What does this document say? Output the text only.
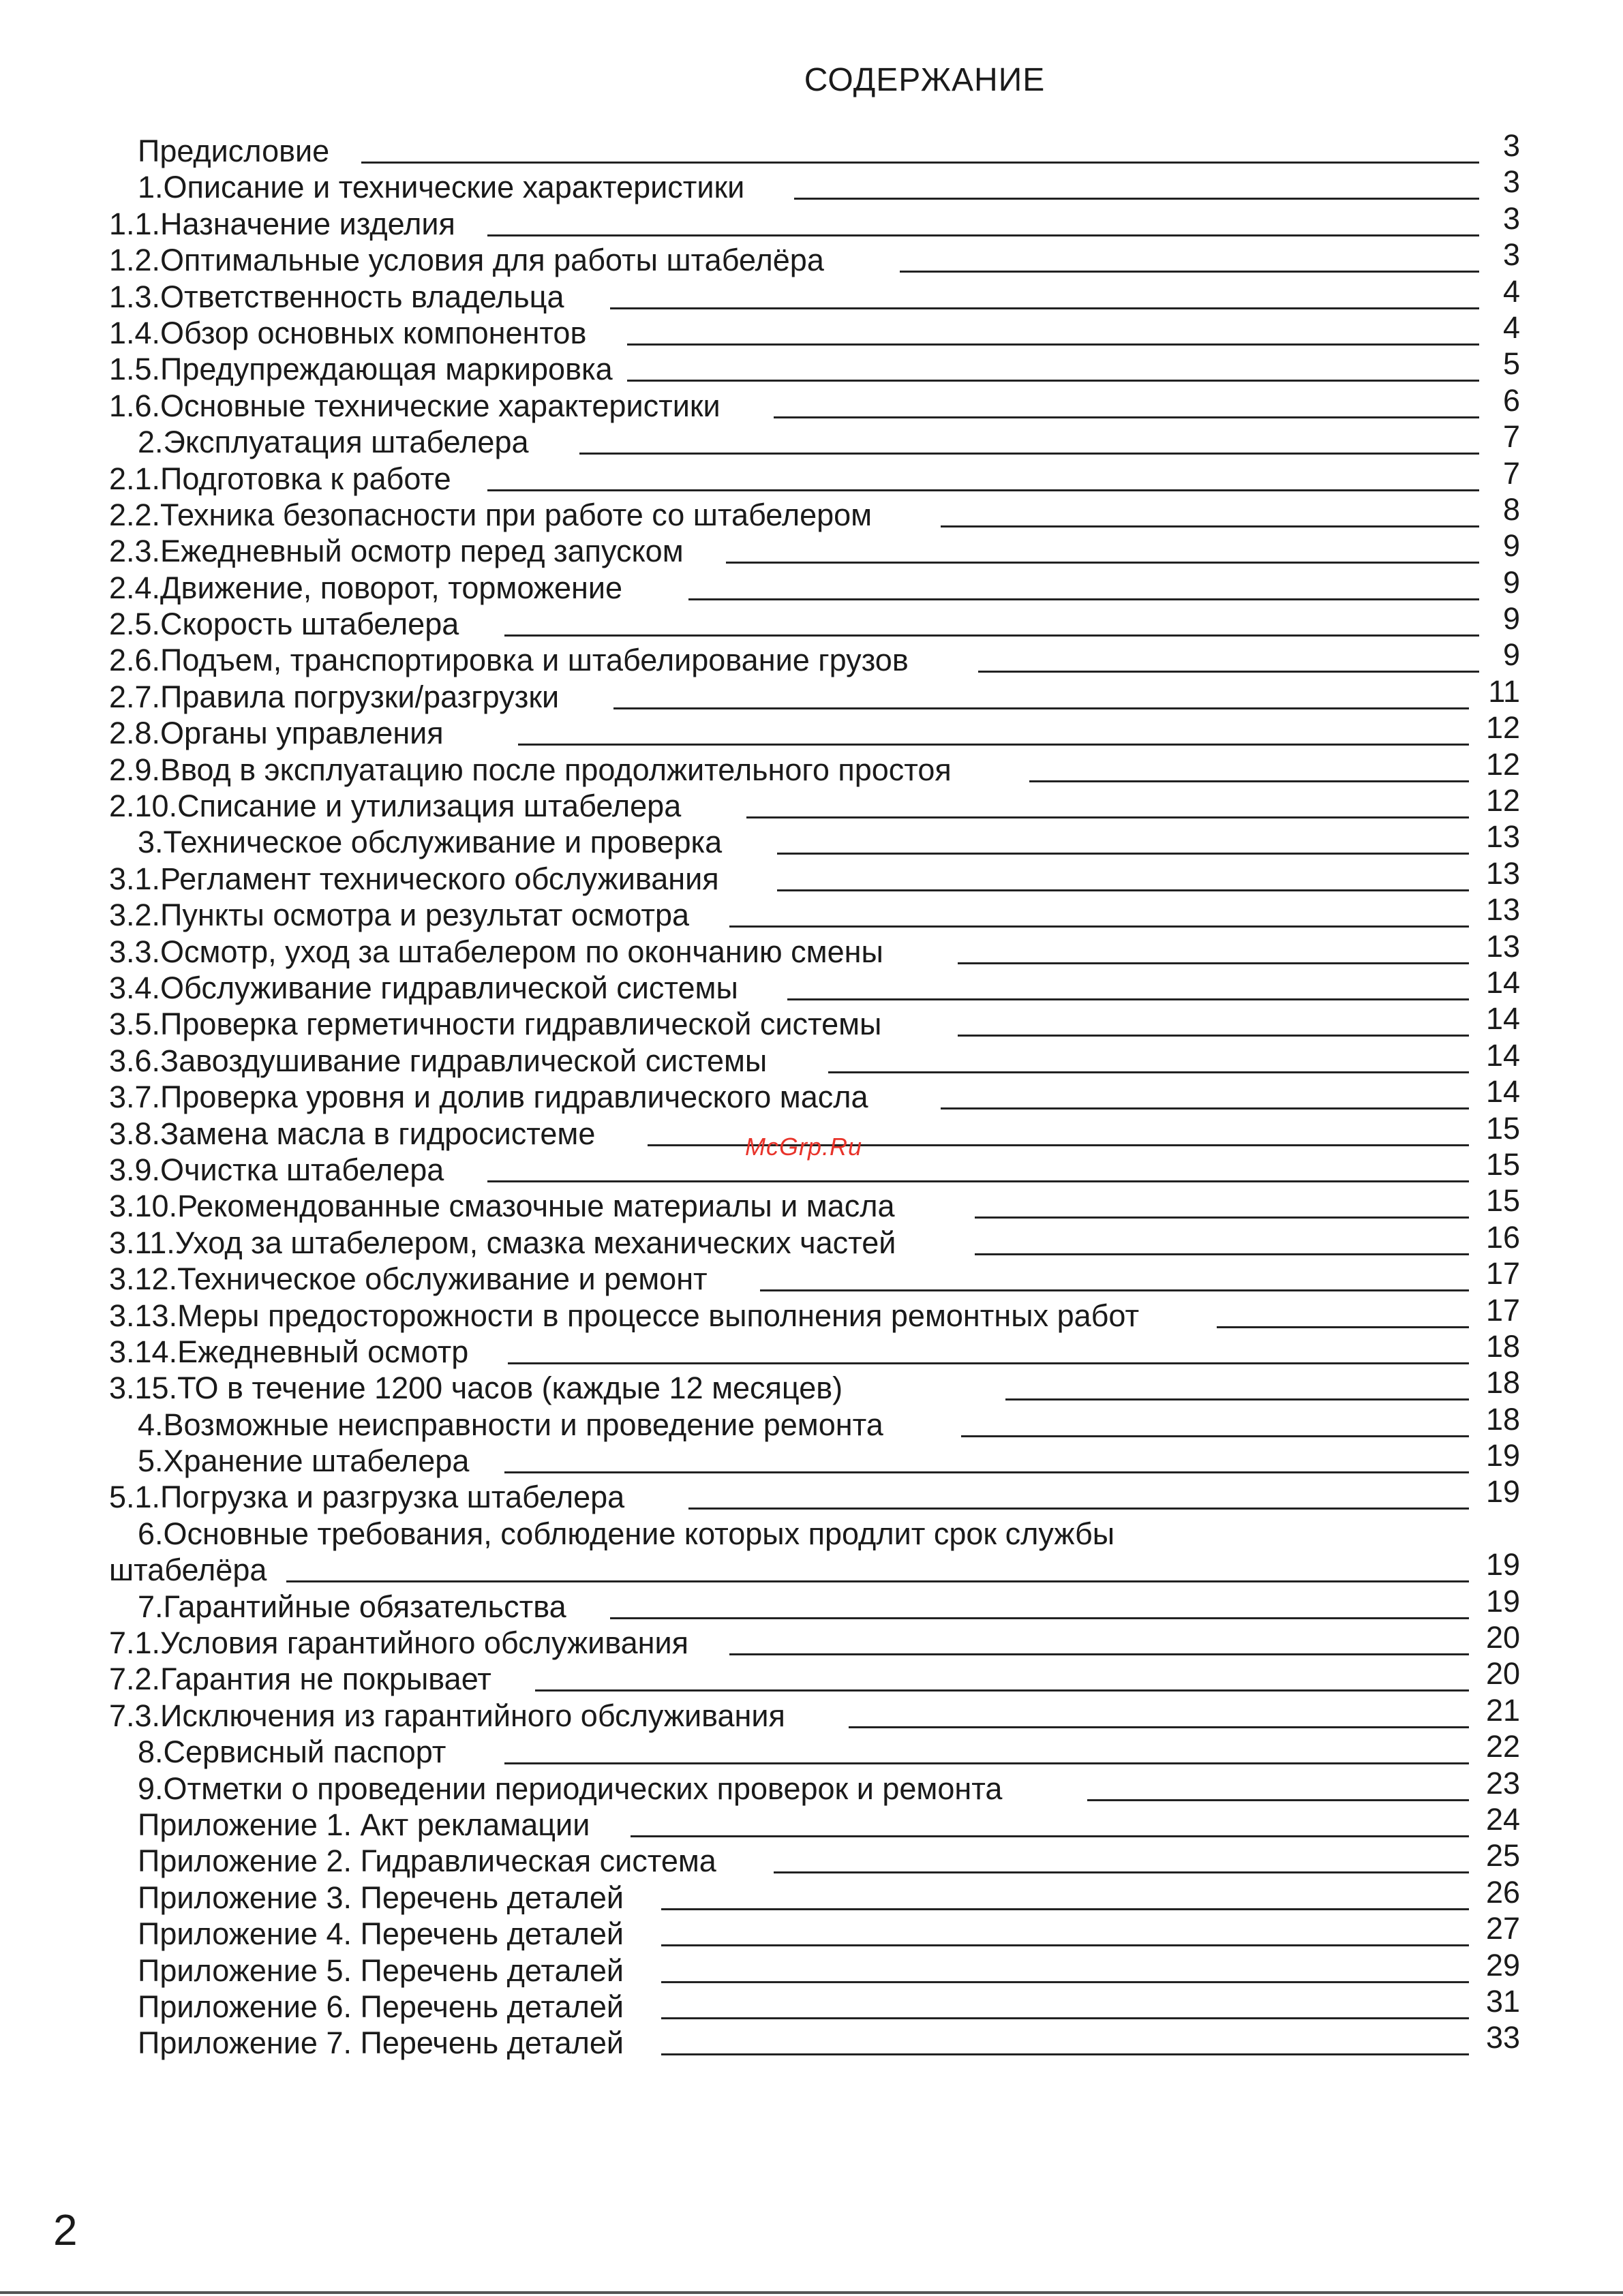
СОДЕРЖАНИЕ
Предисловие	3
1.Описание и технические характеристики	3
1.1.Назначение изделия	3
1.2.Оптимальные условия для работы штабелёра	3
1.3.Ответственность владельца	4
1.4.Обзор основных компонентов	4
1.5.Предупреждающая маркировка	5
1.6.Основные технические характеристики	6
2.Эксплуатация штабелера	7
2.1.Подготовка к работе	7
2.2.Техника безопасности при работе со штабелером	8
2.3.Ежедневный осмотр перед запуском	9
2.4.Движение, поворот, торможение	9
2.5.Скорость штабелера	9
2.6.Подъем, транспортировка и штабелирование грузов	9
2.7.Правила погрузки/разгрузки	11
2.8.Органы управления	12
2.9.Ввод в эксплуатацию после продолжительного простоя	12
2.10.Списание и утилизация штабелера	12
3.Техническое обслуживание и проверка	13
3.1.Регламент технического обслуживания	13
3.2.Пункты осмотра и результат осмотра	13
3.3.Осмотр, уход за штабелером по окончанию смены	13
3.4.Обслуживание гидравлической системы	14
3.5.Проверка герметичности гидравлической системы	14
3.6.Завоздушивание гидравлической системы	14
3.7.Проверка уровня и долив гидравлического масла	14
3.8.Замена масла в гидросистеме	15
3.9.Очистка штабелера	15
3.10.Рекомендованные смазочные материалы и масла	15
3.11.Уход за штабелером, смазка механических частей	16
3.12.Техническое обслуживание и ремонт	17
3.13.Меры предосторожности в процессе выполнения ремонтных работ	17
3.14.Ежедневный осмотр	18
3.15.ТО в течение 1200 часов (каждые 12 месяцев)	18
4.Возможные неисправности и проведение ремонта	18
5.Хранение штабелера	19
5.1.Погрузка и разгрузка штабелера	19
6.Основные требования, соблюдение которых продлит срок службы
штабелёра	19
7.Гарантийные обязательства	19
7.1.Условия гарантийного обслуживания	20
7.2.Гарантия не покрывает	20
7.3.Исключения из гарантийного обслуживания	21
8.Сервисный паспорт	22
9.Отметки о проведении периодических проверок и ремонта	23
Приложение 1. Акт рекламации	24
Приложение 2. Гидравлическая система	25
Приложение 3. Перечень деталей	26
Приложение 4. Перечень деталей	27
Приложение 5. Перечень деталей	29
Приложение 6. Перечень деталей	31
Приложение 7. Перечень деталей	33
McGrp.Ru
2
